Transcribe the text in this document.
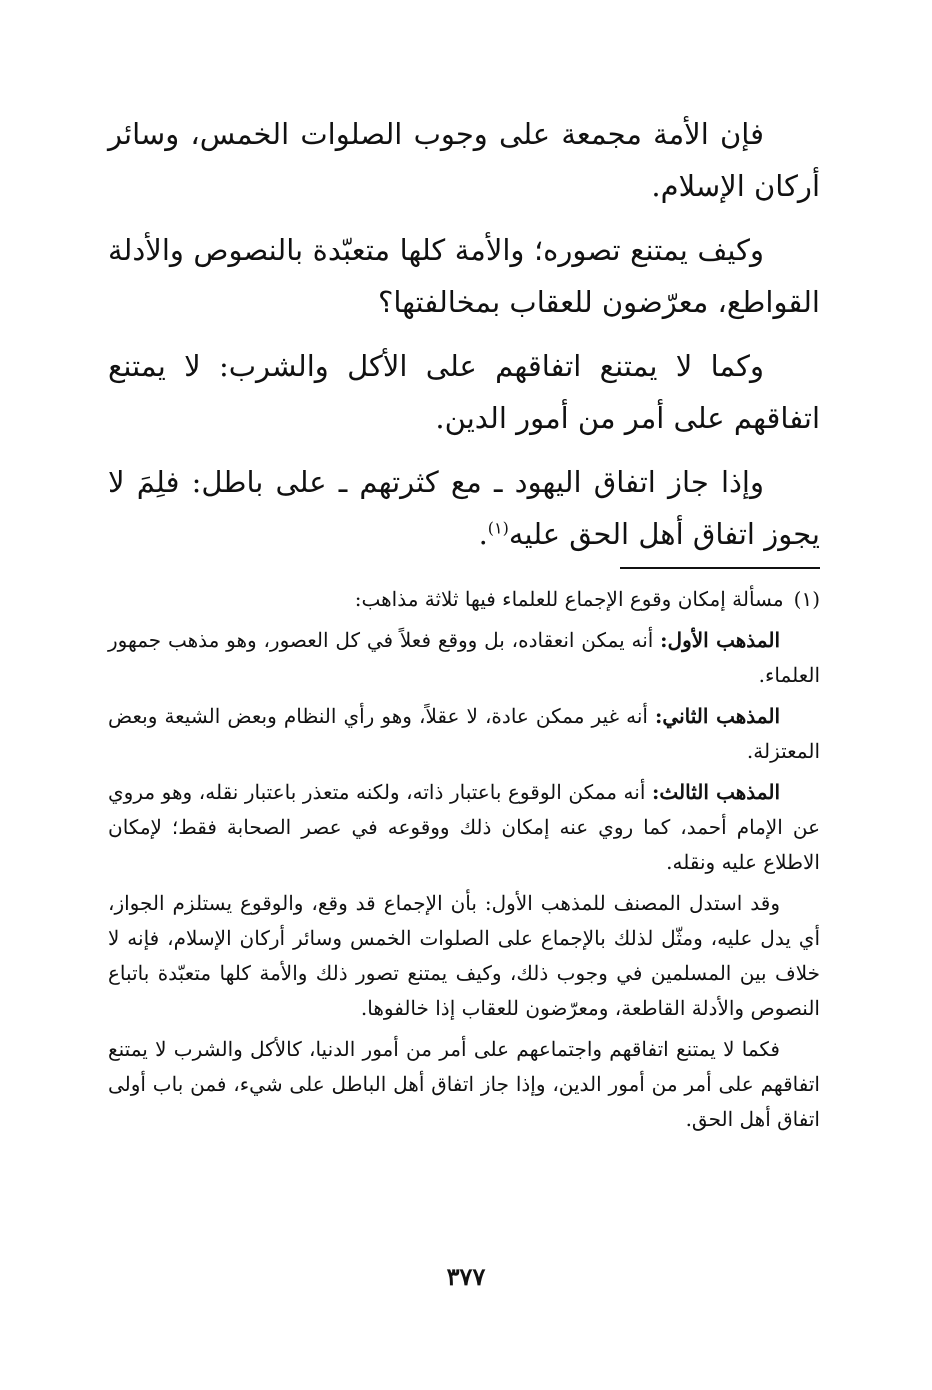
فإن الأمة مجمعة على وجوب الصلوات الخمس، وسائر أركان الإسلام.

وكيف يمتنع تصوره؛ والأمة كلها متعبّدة بالنصوص والأدلة القواطع، معرّضون للعقاب بمخالفتها؟

وكما لا يمتنع اتفاقهم على الأكل والشرب: لا يمتنع اتفاقهم على أمر من أمور الدين.

وإذا جاز اتفاق اليهود ـ مع كثرتهم ـ على باطل: فلِمَ لا يجوز اتفاق أهل الحق عليه$^{(١)}$.

(١)مسألة إمكان وقوع الإجماع للعلماء فيها ثلاثة مذاهب:

المذهب الأول: أنه يمكن انعقاده، بل ووقع فعلاً في كل العصور، وهو مذهب جمهور العلماء.

المذهب الثاني: أنه غير ممكن عادة، لا عقلاً، وهو رأي النظام وبعض الشيعة وبعض المعتزلة.

المذهب الثالث: أنه ممكن الوقوع باعتبار ذاته، ولكنه متعذر باعتبار نقله، وهو مروي عن الإمام أحمد، كما روي عنه إمكان ذلك ووقوعه في عصر الصحابة فقط؛ لإمكان الاطلاع عليه ونقله.

وقد استدل المصنف للمذهب الأول: بأن الإجماع قد وقع، والوقوع يستلزم الجواز، أي يدل عليه، ومثّل لذلك بالإجماع على الصلوات الخمس وسائر أركان الإسلام، فإنه لا خلاف بين المسلمين في وجوب ذلك، وكيف يمتنع تصور ذلك والأمة كلها متعبّدة باتباع النصوص والأدلة القاطعة، ومعرّضون للعقاب إذا خالفوها.

فكما لا يمتنع اتفاقهم واجتماعهم على أمر من أمور الدنيا، كالأكل والشرب لا يمتنع اتفاقهم على أمر من أمور الدين، وإذا جاز اتفاق أهل الباطل على شيء، فمن باب أولى اتفاق أهل الحق.

٣٧٧
